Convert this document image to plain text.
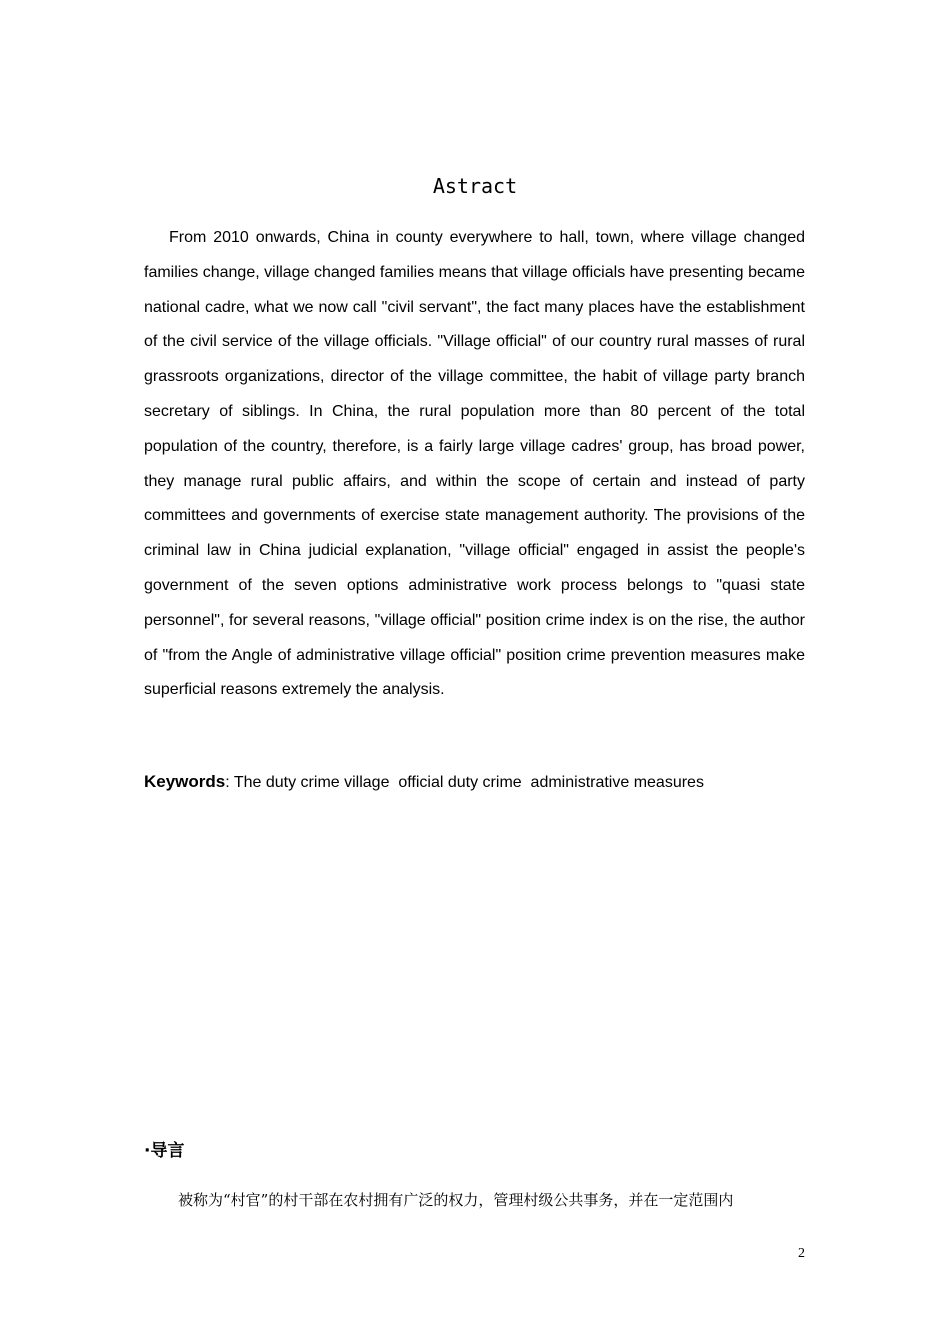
Astract

From 2010 onwards, China in county everywhere to hall, town, where village changed families change, village changed families means that village officials have presenting became national cadre, what we now call "civil servant", the fact many places have the establishment of the civil service of the village officials. "Village official" of our country rural masses of rural grassroots organizations, director of the village committee, the habit of village party branch secretary of siblings. In China, the rural population more than 80 percent of the total population of the country, therefore, is a fairly large village cadres' group, has broad power, they manage rural public affairs, and within the scope of certain and instead of party committees and governments of exercise state management authority. The provisions of the criminal law in China judicial explanation, "village official" engaged in assist the people's government of the seven options administrative work process belongs to "quasi state personnel", for several reasons, "village official" position crime index is on the rise, the author of "from the Angle of administrative village official" position crime prevention measures make superficial reasons extremely the analysis.

Keywords: The duty crime village  official duty crime  administrative measures
·导言
被称为“村官”的村干部在农村拥有广泛的权力，管理村级公共事务，并在一定范围内
2
